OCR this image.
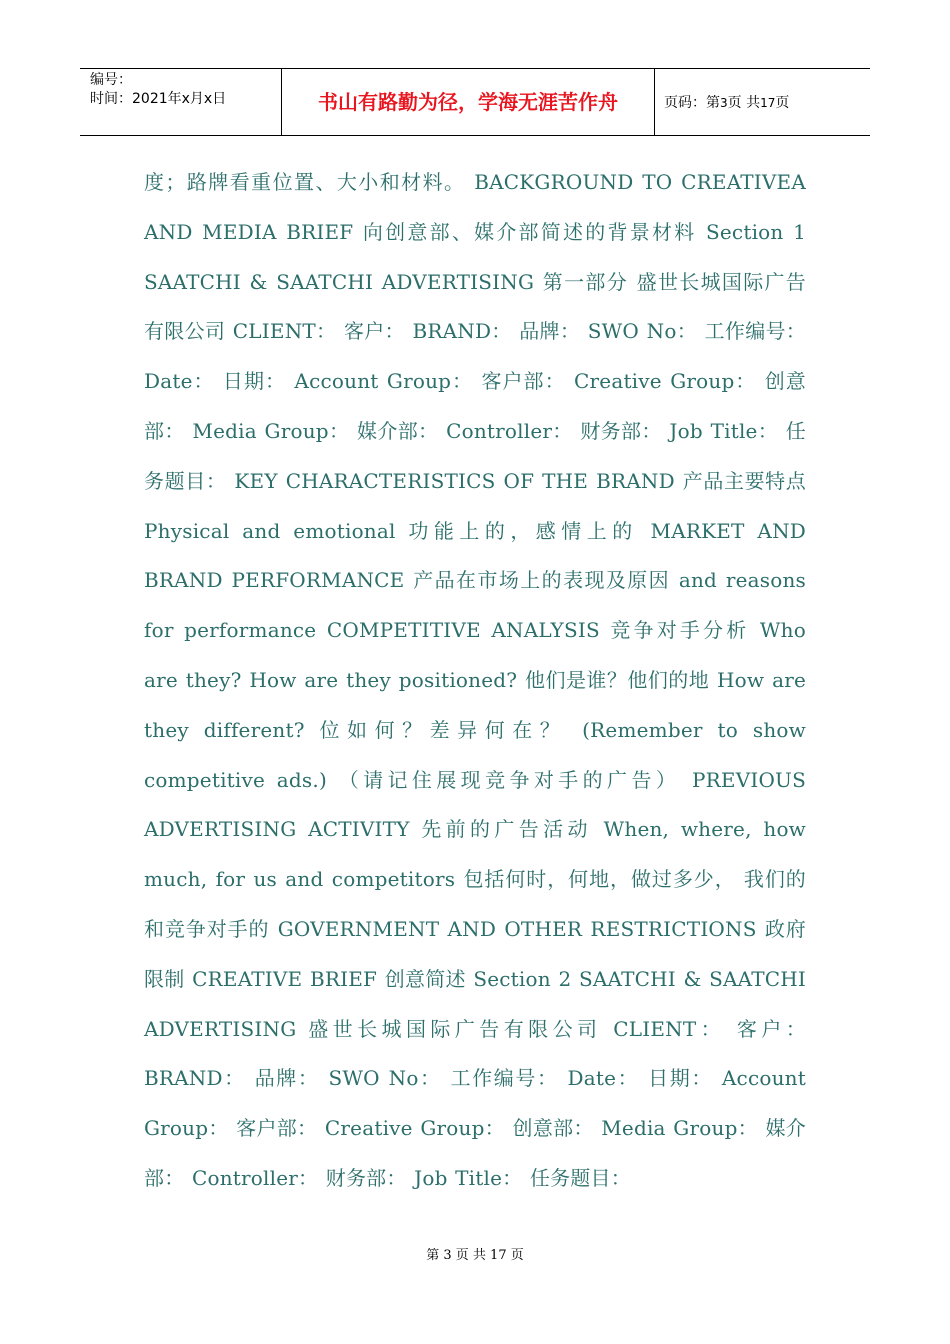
编号：
时间：2021年x月x日	书山有路勤为径，学海无涯苦作舟	页码：第3页 共17页

度；路牌看重位置、大小和材料。 BACKGROUND TO CREATIVEA AND MEDIA BRIEF 向创意部、媒介部简述的背景材料 Section 1 SAATCHI & SAATCHI ADVERTISING 第一部分 盛世长城国际广告有限公司 CLIENT： 客户： BRAND： 品牌： SWO No： 工作编号： Date： 日期： Account Group： 客户部： Creative Group： 创意部： Media Group： 媒介部： Controller： 财务部： Job Title： 任务题目： KEY CHARACTERISTICS OF THE BRAND 产品主要特点 Physical and emotional 功能上的，感情上的 MARKET AND BRAND PERFORMANCE 产品在市场上的表现及原因 and reasons for performance COMPETITIVE ANALYSIS 竞争对手分析 Who are they? How are they positioned? 他们是谁？他们的地 How are they different? 位如何？差异何在？ (Remember to show competitive ads.) （请记住展现竞争对手的广告） PREVIOUS ADVERTISING ACTIVITY 先前的广告活动 When, where, how much, for us and competitors 包括何时，何地，做过多少， 我们的和竞争对手的 GOVERNMENT AND OTHER RESTRICTIONS 政府限制 CREATIVE BRIEF 创意简述 Section 2 SAATCHI & SAATCHI ADVERTISING 盛世长城国际广告有限公司 CLIENT： 客户： BRAND： 品牌： SWO No： 工作编号： Date： 日期： Account Group： 客户部： Creative Group： 创意部： Media Group： 媒介部： Controller： 财务部： Job Title： 任务题目：

第 3 页 共 17 页
